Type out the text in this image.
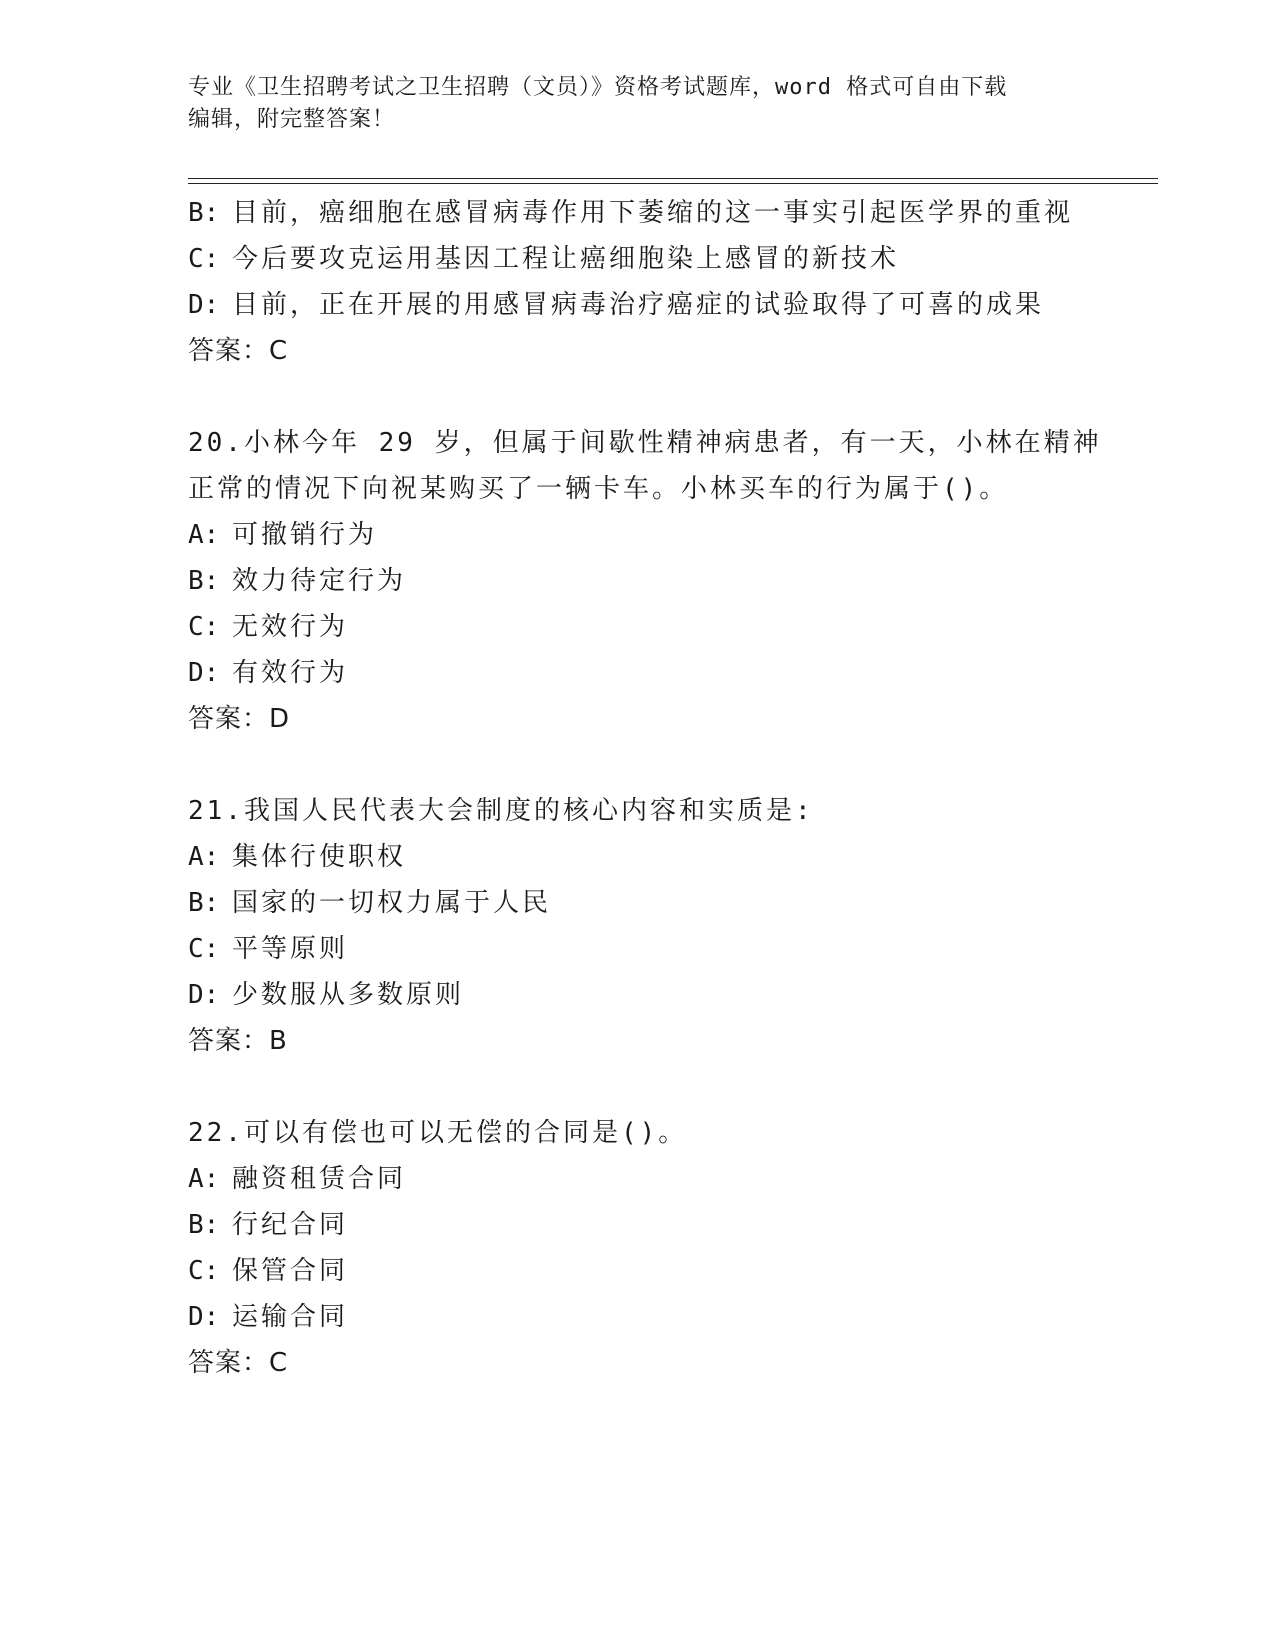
专业《卫生招聘考试之卫生招聘（文员）》资格考试题库，word 格式可自由下载
编辑，附完整答案！
B: 目前，癌细胞在感冒病毒作用下萎缩的这一事实引起医学界的重视
C: 今后要攻克运用基因工程让癌细胞染上感冒的新技术
D: 目前，正在开展的用感冒病毒治疗癌症的试验取得了可喜的成果
答案：C
20.小林今年 29 岁，但属于间歇性精神病患者，有一天，小林在精神
正常的情况下向祝某购买了一辆卡车。小林买车的行为属于()。
A: 可撤销行为
B: 效力待定行为
C: 无效行为
D: 有效行为
答案：D
21.我国人民代表大会制度的核心内容和实质是:
A: 集体行使职权
B: 国家的一切权力属于人民
C: 平等原则
D: 少数服从多数原则
答案：B
22.可以有偿也可以无偿的合同是()。
A: 融资租赁合同
B: 行纪合同
C: 保管合同
D: 运输合同
答案：C
